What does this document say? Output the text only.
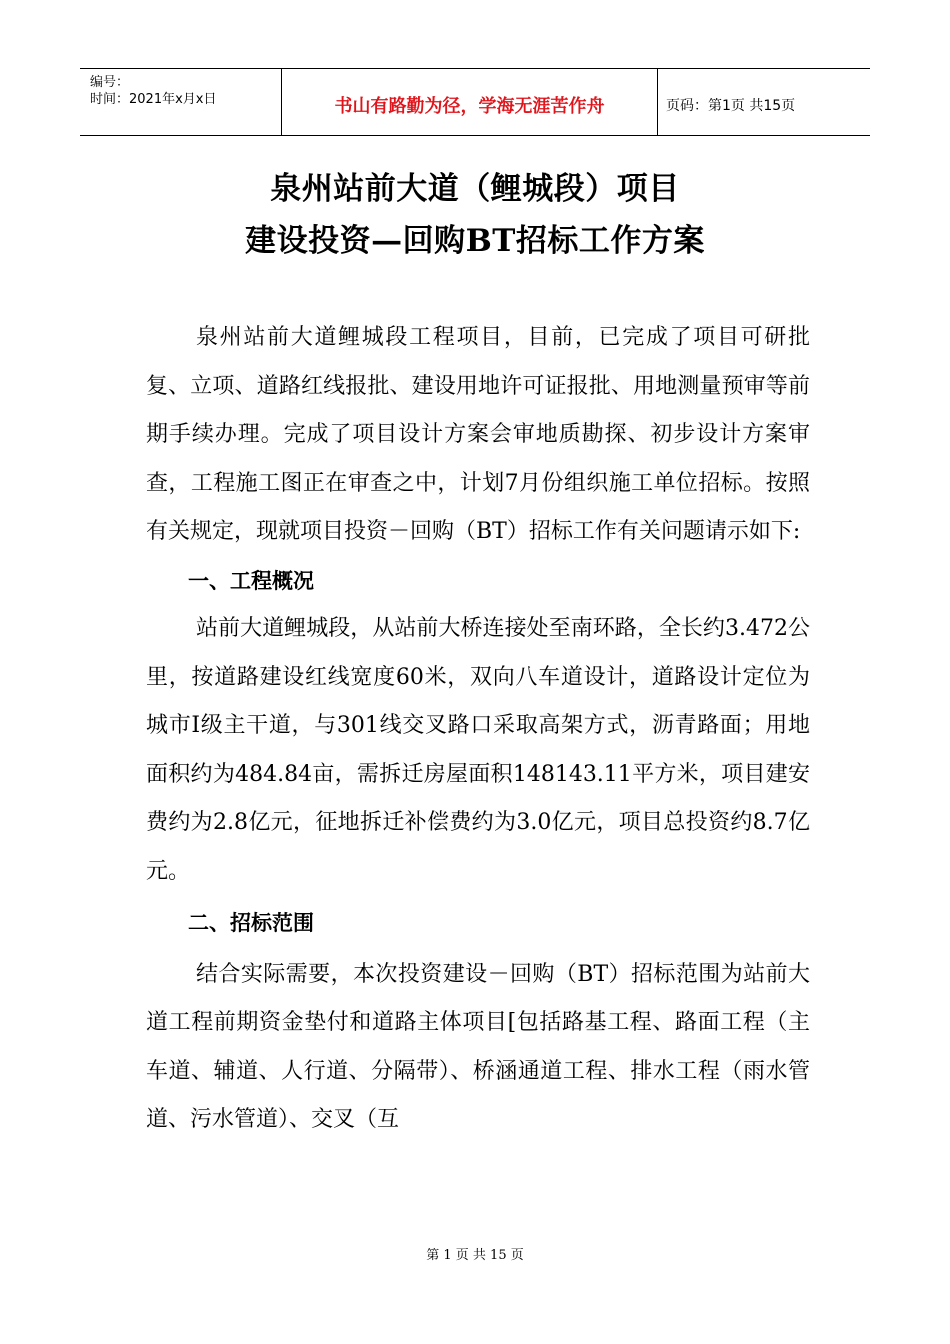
编号：
时间：2021年x月x日	书山有路勤为径，学海无涯苦作舟	页码：第1页 共15页
泉州站前大道（鲤城段）项目
建设投资—回购BT招标工作方案

泉州站前大道鲤城段工程项目，目前，已完成了项目可研批复、立项、道路红线报批、建设用地许可证报批、用地测量预审等前期手续办理。完成了项目设计方案会审地质勘探、初步设计方案审查，工程施工图正在审查之中，计划7月份组织施工单位招标。按照有关规定，现就项目投资－回购（BT）招标工作有关问题请示如下:

一、工程概况

站前大道鲤城段，从站前大桥连接处至南环路，全长约3.472公里，按道路建设红线宽度60米，双向八车道设计，道路设计定位为城市Ⅰ级主干道，与301线交叉路口采取高架方式，沥青路面；用地面积约为484.84亩，需拆迁房屋面积148143.11平方米，项目建安费约为2.8亿元，征地拆迁补偿费约为3.0亿元，项目总投资约8.7亿元。

二、招标范围

结合实际需要，本次投资建设－回购（BT）招标范围为站前大道工程前期资金垫付和道路主体项目[包括路基工程、路面工程（主车道、辅道、人行道、分隔带）、桥涵通道工程、排水工程（雨水管道、污水管道）、交叉（互

第 1 页 共 15 页
